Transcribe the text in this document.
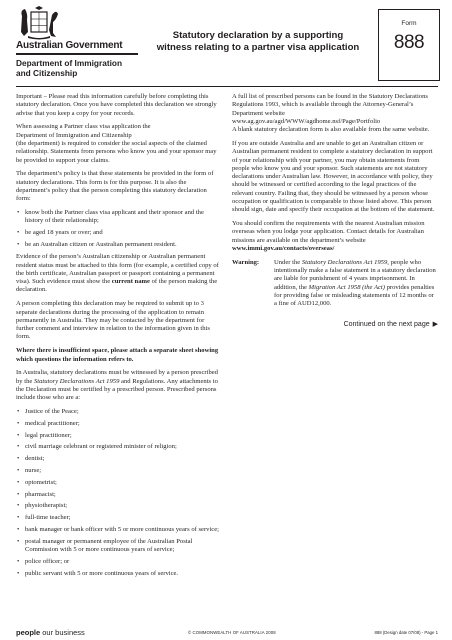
Australian Government
Department of Immigration
and Citizenship
Statutory declaration by a supporting
witness relating to a partner visa application
Form
888

Important – Please read this information carefully before completing this statutory declaration. Once you have completed this declaration we strongly advise that you keep a copy for your records.

When assessing a Partner class visa application the
Department of Immigration and Citizenship
(the department) is required to consider the social aspects of the claimed relationship. Statements from persons who know you and your sponsor may be provided to support your claims.

The department’s policy is that these statements be provided in the form of statutory declarations. This form is for this purpose. It is also the department’s policy that the person completing this statutory declaration form:

• know both the Partner class visa applicant and their sponsor and the history of their relationship;
• be aged 18 years or over; and
• be an Australian citizen or Australian permanent resident.

Evidence of the person’s Australian citizenship or Australian permanent resident status must be attached to this form (for example, a certified copy of the birth certificate, Australian passport or passport containing a permanent visa). Such evidence must show the current name of the person making the declaration.

A person completing this declaration may be required to submit up to 3 separate declarations during the processing of the application to remain permanently in Australia. They may be contacted by the department for further comment and interview in relation to the information given in this form.

Where there is insufficient space, please attach a separate sheet showing which questions the information refers to.

In Australia, statutory declarations must be witnessed by a person prescribed by the Statutory Declarations Act 1959 and Regulations. Any attachments to the Declaration must be certified by a prescribed person. Prescribed persons include those who are a:

• Justice of the Peace;
• medical practitioner;
• legal practitioner;
• civil marriage celebrant or registered minister of religion;
• dentist;
• nurse;
• optometrist;
• pharmacist;
• physiotherapist;
• full-time teacher;
• bank manager or bank officer with 5 or more continuous years of service;
• postal manager or permanent employee of the Australian Postal Commission with 5 or more continuous years of service;
• police officer; or
• public servant with 5 or more continuous years of service.

A full list of prescribed persons can be found in the Statutory Declarations Regulations 1993, which is available through the Attorney-General’s Department website
www.ag.gov.au/agd/WWW/agdhome.nsf/Page/Portfolio
A blank statutory declaration form is also available from the same website.

If you are outside Australia and are unable to get an Australian citizen or Australian permanent resident to complete a statutory declaration in support of your relationship with your partner, you may obtain statements from people who know you and your sponsor. Such statements are not statutory declarations under Australian law. However, in accordance with policy, they should be witnessed or certified according to the legal practices of the relevant country. Failing that, they should be witnessed by a person whose occupation or qualification is comparable to those listed above. This person should sign, date and specify their occupation at the bottom of the statement.

You should confirm the requirements with the nearest Australian mission overseas when you lodge your application. Contact details for Australian missions are available on the department’s website
www.immi.gov.au/contacts/overseas/

Warning:	Under the Statutory Declarations Act 1959, people who intentionally make a false statement in a statutory declaration are liable for punishment of 4 years imprisonment. In addition, the Migration Act 1958 (the Act) provides penalties for providing false or misleading statements of 12 months or a fine of AUD12,000.
Continued on the next page ▶
people our business	© COMMONWEALTH OF AUSTRALIA 2008	888 (Design date 07/08) - Page 1
